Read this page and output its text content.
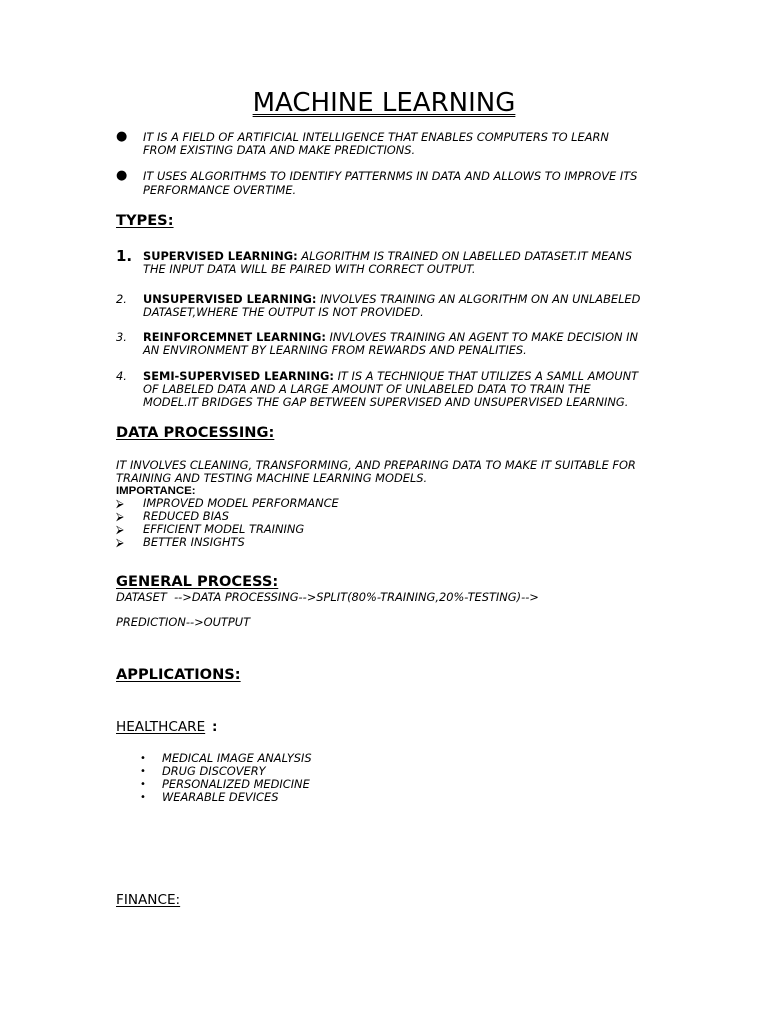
MACHINE LEARNING
● IT IS A FIELD OF ARTIFICIAL INTELLIGENCE THAT ENABLES COMPUTERS TO LEARN
FROM EXISTING DATA AND MAKE PREDICTIONS.
● IT USES ALGORITHMS TO IDENTIFY PATTERNMS IN DATA AND ALLOWS TO IMPROVE ITS
PERFORMANCE OVERTIME.
TYPES:
1. SUPERVISED LEARNING: ALGORITHM IS TRAINED ON LABELLED DATASET.IT MEANS
THE INPUT DATA WILL BE PAIRED WITH CORRECT OUTPUT.
2. UNSUPERVISED LEARNING: INVOLVES TRAINING AN ALGORITHM ON AN UNLABELED
DATASET,WHERE THE OUTPUT IS NOT PROVIDED.
3. REINFORCEMNET LEARNING: INVLOVES TRAINING AN AGENT TO MAKE DECISION IN
AN ENVIRONMENT BY LEARNING FROM REWARDS AND PENALITIES.
4. SEMI-SUPERVISED LEARNING: IT IS A TECHNIQUE THAT UTILIZES A SAMLL AMOUNT
OF LABELED DATA AND A LARGE AMOUNT OF UNLABELED DATA TO TRAIN THE
MODEL.IT BRIDGES THE GAP BETWEEN SUPERVISED AND UNSUPERVISED LEARNING.
DATA PROCESSING:
IT INVOLVES CLEANING, TRANSFORMING, AND PREPARING DATA TO MAKE IT SUITABLE FOR
TRAINING AND TESTING MACHINE LEARNING MODELS.
IMPORTANCE:
⮚ IMPROVED MODEL PERFORMANCE
⮚ REDUCED BIAS
⮚ EFFICIENT MODEL TRAINING
⮚ BETTER INSIGHTS
GENERAL PROCESS:
DATASET  -->DATA PROCESSING-->SPLIT(80%-TRAINING,20%-TESTING)-->
PREDICTION-->OUTPUT
APPLICATIONS:
HEALTHCARE :
• MEDICAL IMAGE ANALYSIS
• DRUG DISCOVERY
• PERSONALIZED MEDICINE
• WEARABLE DEVICES
FINANCE:
